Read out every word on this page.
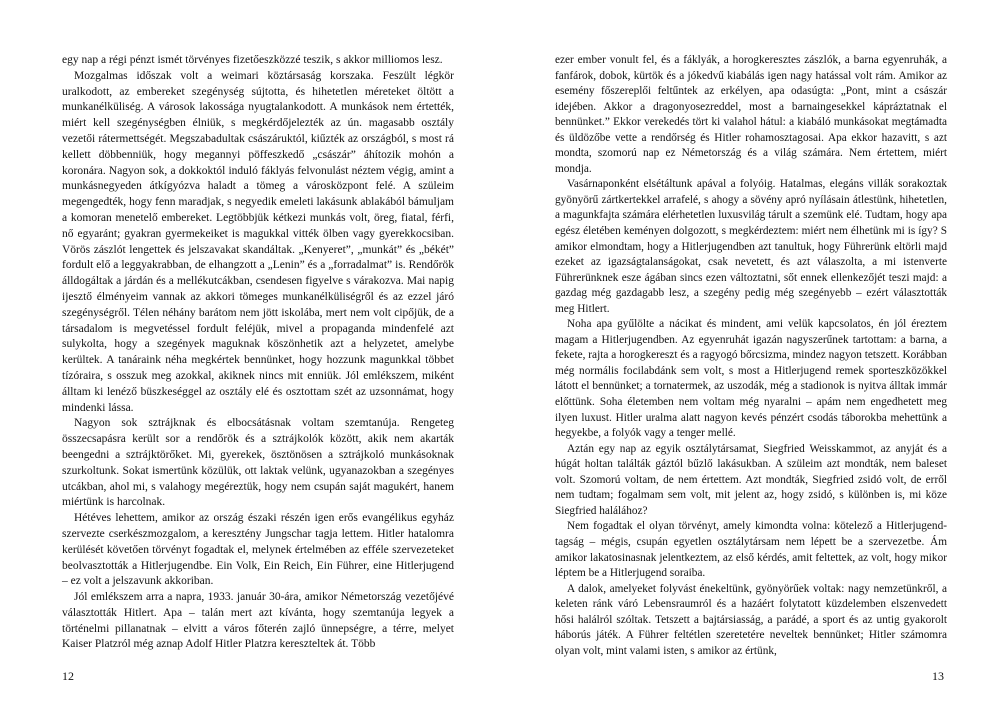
egy nap a régi pénzt ismét törvényes fizetőeszközzé teszik, s akkor milliomos lesz.

Mozgalmas időszak volt a weimari köztársaság korszaka. Feszült légkör uralkodott, az embereket szegénység sújtotta, és hihetetlen méreteket öltött a munkanélküliség. A városok lakossága nyugtalankodott. A munkások nem értették, miért kell szegénységben élniük, s megkérdőjelezték az ún. magasabb osztály vezetői rátermettségét. Megszabadultak császáruktól, kiűzték az országból, s most rá kellett döbbenniük, hogy megannyi pöffeszkedő „császár” áhítozik mohón a koronára. Nagyon sok, a dokkoktól induló fáklyás felvonulást néztem végig, amint a munkásnegyeden átkígyózva haladt a tömeg a városközpont felé. A szüleim megengedték, hogy fenn maradjak, s negyedik emeleti lakásunk ablakából bámuljam a komoran menetelő embereket. Legtöbbjük kétkezi munkás volt, öreg, fiatal, férfi, nő egyaránt; gyakran gyermekeiket is magukkal vitték ölben vagy gyerekkocsiban. Vörös zászlót lengettek és jelszavakat skandáltak. „Kenyeret”, „munkát” és „békét” fordult elő a leggyakrabban, de elhangzott a „Lenin” és a „forradalmat” is. Rendőrök álldogáltak a járdán és a mellékutcákban, csendesen figyelve s várakozva. Mai napig ijesztő élményeim vannak az akkori tömeges munkanélküliségről és az ezzel járó szegénységről. Télen néhány barátom nem jött iskolába, mert nem volt cipőjük, de a társadalom is megvetéssel fordult feléjük, mivel a propaganda mindenfelé azt sulykolta, hogy a szegények maguknak köszönhetik azt a helyzetet, amelybe kerültek. A tanáraink néha megkértek bennünket, hogy hozzunk magunkkal többet tízóraira, s osszuk meg azokkal, akiknek nincs mit enniük. Jól emlékszem, miként álltam ki lenéző büszkeséggel az osztály elé és osztottam szét az uzsonnámat, hogy mindenki lássa.

Nagyon sok sztrájknak és elbocsátásnak voltam szemtanúja. Rengeteg összecsapásra került sor a rendőrök és a sztrájkolók között, akik nem akarták beengedni a sztrájktörőket. Mi, gyerekek, ösztönösen a sztrájkoló munkásoknak szurkoltunk. Sokat ismertünk közülük, ott laktak velünk, ugyanazokban a szegényes utcákban, ahol mi, s valahogy megéreztük, hogy nem csupán saját magukért, hanem miértünk is harcolnak.

Hétéves lehettem, amikor az ország északi részén igen erős evangélikus egyház szervezte cserkészmozgalom, a keresztény Jungschar tagja lettem. Hitler hatalomra kerülését követően törvényt fogadtak el, melynek értelmében az efféle szervezeteket beolvasztották a Hitlerjugendbe. Ein Volk, Ein Reich, Ein Führer, eine Hitlerjugend – ez volt a jelszavunk akkoriban.

Jól emlékszem arra a napra, 1933. január 30-ára, amikor Németország vezetőjévé választották Hitlert. Apa – talán mert azt kívánta, hogy szemtanúja legyek a történelmi pillanatnak – elvitt a város főterén zajló ünnepségre, a térre, melyet Kaiser Platzról még aznap Adolf Hitler Platzra kereszteltek át. Több

12

ezer ember vonult fel, és a fáklyák, a horogkeresztes zászlók, a barna egyenruhák, a fanfárok, dobok, kürtök és a jókedvű kiabálás igen nagy hatással volt rám. Amikor az esemény főszereplői feltűntek az erkélyen, apa odasúgta: „Pont, mint a császár idejében. Akkor a dragonyosezreddel, most a barnaingesekkel kápráztatnak el bennünket.” Ekkor verekedés tört ki valahol hátul: a kiabáló munkásokat megtámadta és üldözőbe vette a rendőrség és Hitler rohamosztagosai. Apa ekkor hazavitt, s azt mondta, szomorú nap ez Németország és a világ számára. Nem értettem, miért mondja.

Vasárnaponként elsétáltunk apával a folyóig. Hatalmas, elegáns villák sorakoztak gyönyörű zártkertekkel arrafelé, s ahogy a sövény apró nyílásain átlestünk, hihetetlen, a magunkfajta számára elérhetetlen luxusvilág tárult a szemünk elé. Tudtam, hogy apa egész életében keményen dolgozott, s megkérdeztem: miért nem élhetünk mi is így? S amikor elmondtam, hogy a Hitlerjugendben azt tanultuk, hogy Führerünk eltörli majd ezeket az igazságtalanságokat, csak nevetett, és azt válaszolta, a mi istenverte Führerünknek esze ágában sincs ezen változtatni, sőt ennek ellenkezőjét teszi majd: a gazdag még gazdagabb lesz, a szegény pedig még szegényebb – ezért választották meg Hitlert.

Noha apa gyűlölte a nácikat és mindent, ami velük kapcsolatos, én jól éreztem magam a Hitlerjugendben. Az egyenruhát igazán nagyszerűnek tartottam: a barna, a fekete, rajta a horogkereszt és a ragyogó bőrcsizma, mindez nagyon tetszett. Korábban még normális focilabdánk sem volt, s most a Hitlerjugend remek sporteszközökkel látott el bennünket; a tornatermek, az uszodák, még a stadionok is nyitva álltak immár előttünk. Soha életemben nem voltam még nyaralni – apám nem engedhetett meg ilyen luxust. Hitler uralma alatt nagyon kevés pénzért csodás táborokba mehettünk a hegyekbe, a folyók vagy a tenger mellé.

Aztán egy nap az egyik osztálytársamat, Siegfried Weisskammot, az anyját és a húgát holtan találták gáztól bűzlő lakásukban. A szüleim azt mondták, nem baleset volt. Szomorú voltam, de nem értettem. Azt mondták, Siegfried zsidó volt, de erről nem tudtam; fogalmam sem volt, mit jelent az, hogy zsidó, s különben is, mi köze Siegfried halálához?

Nem fogadtak el olyan törvényt, amely kimondta volna: kötelező a Hitlerjugend-tagság – mégis, csupán egyetlen osztálytársam nem lépett be a szervezetbe. Ám amikor lakatosinasnak jelentkeztem, az első kérdés, amit feltettek, az volt, hogy mikor léptem be a Hitlerjugend soraiba.

A dalok, amelyeket folyvást énekeltünk, gyönyörűek voltak: nagy nemzetünkről, a keleten ránk váró Lebensraumról és a hazáért folytatott küzdelemben elszenvedett hősi halálról szóltak. Tetszett a bajtársiasság, a parádé, a sport és az untig gyakorolt háborús játék. A Führer feltétlen szeretetére neveltek bennünket; Hitler számomra olyan volt, mint valami isten, s amikor az értünk,

13
